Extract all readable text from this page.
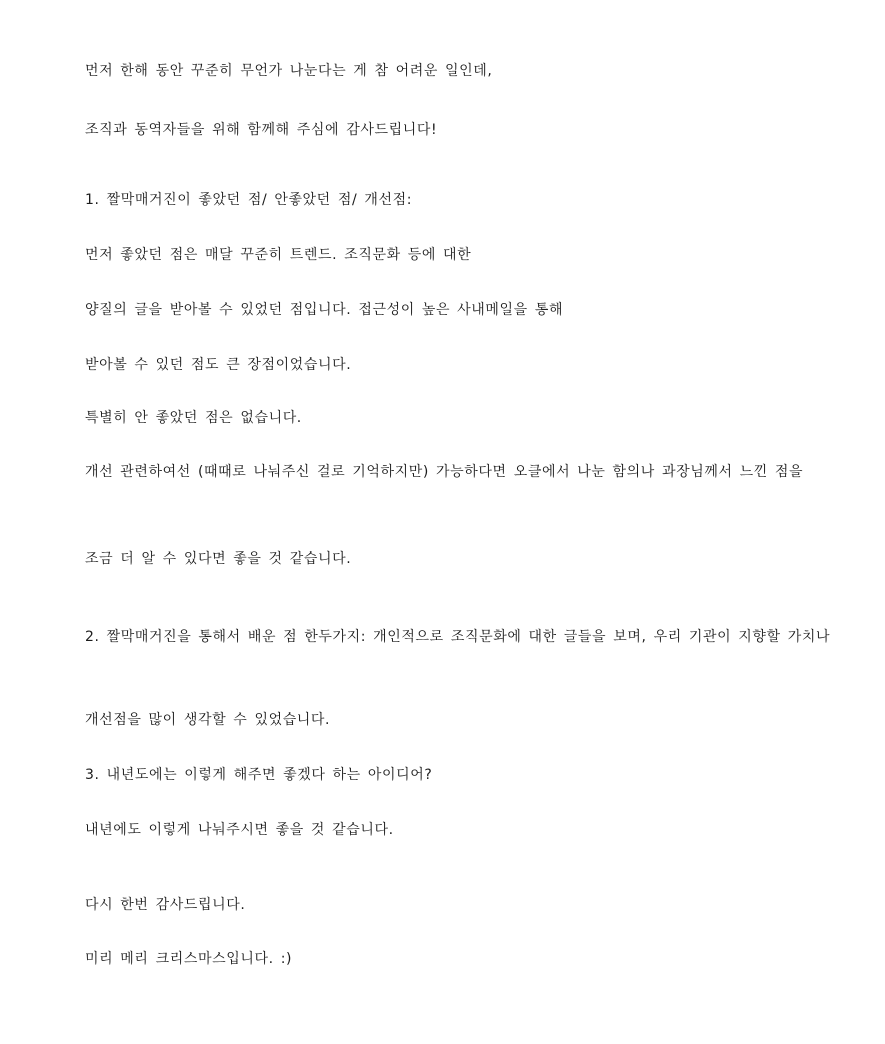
먼저 한해 동안 꾸준히 무언가 나눈다는 게 참 어려운 일인데,
조직과 동역자들을 위해 함께해 주심에 감사드립니다!
1. 짤막매거진이 좋았던 점/ 안좋았던 점/ 개선점:
먼저 좋았던 점은 매달 꾸준히 트렌드. 조직문화 등에 대한
양질의 글을 받아볼 수 있었던 점입니다. 접근성이 높은 사내메일을 통해
받아볼 수 있던 점도 큰 장점이었습니다.
특별히 안 좋았던 점은 없습니다.
개선 관련하여선 (때때로 나눠주신 걸로 기억하지만) 가능하다면 오클에서 나눈 함의나 과장님께서 느낀 점을
조금 더 알 수 있다면 좋을 것 같습니다.
2. 짤막매거진을 통해서 배운 점 한두가지: 개인적으로 조직문화에 대한 글들을 보며, 우리 기관이 지향할 가치나
개선점을 많이 생각할 수 있었습니다.
3. 내년도에는 이렇게 해주면 좋겠다 하는 아이디어?
내년에도 이렇게 나눠주시면 좋을 것 같습니다.
다시 한번 감사드립니다.
미리 메리 크리스마스입니다. :)
